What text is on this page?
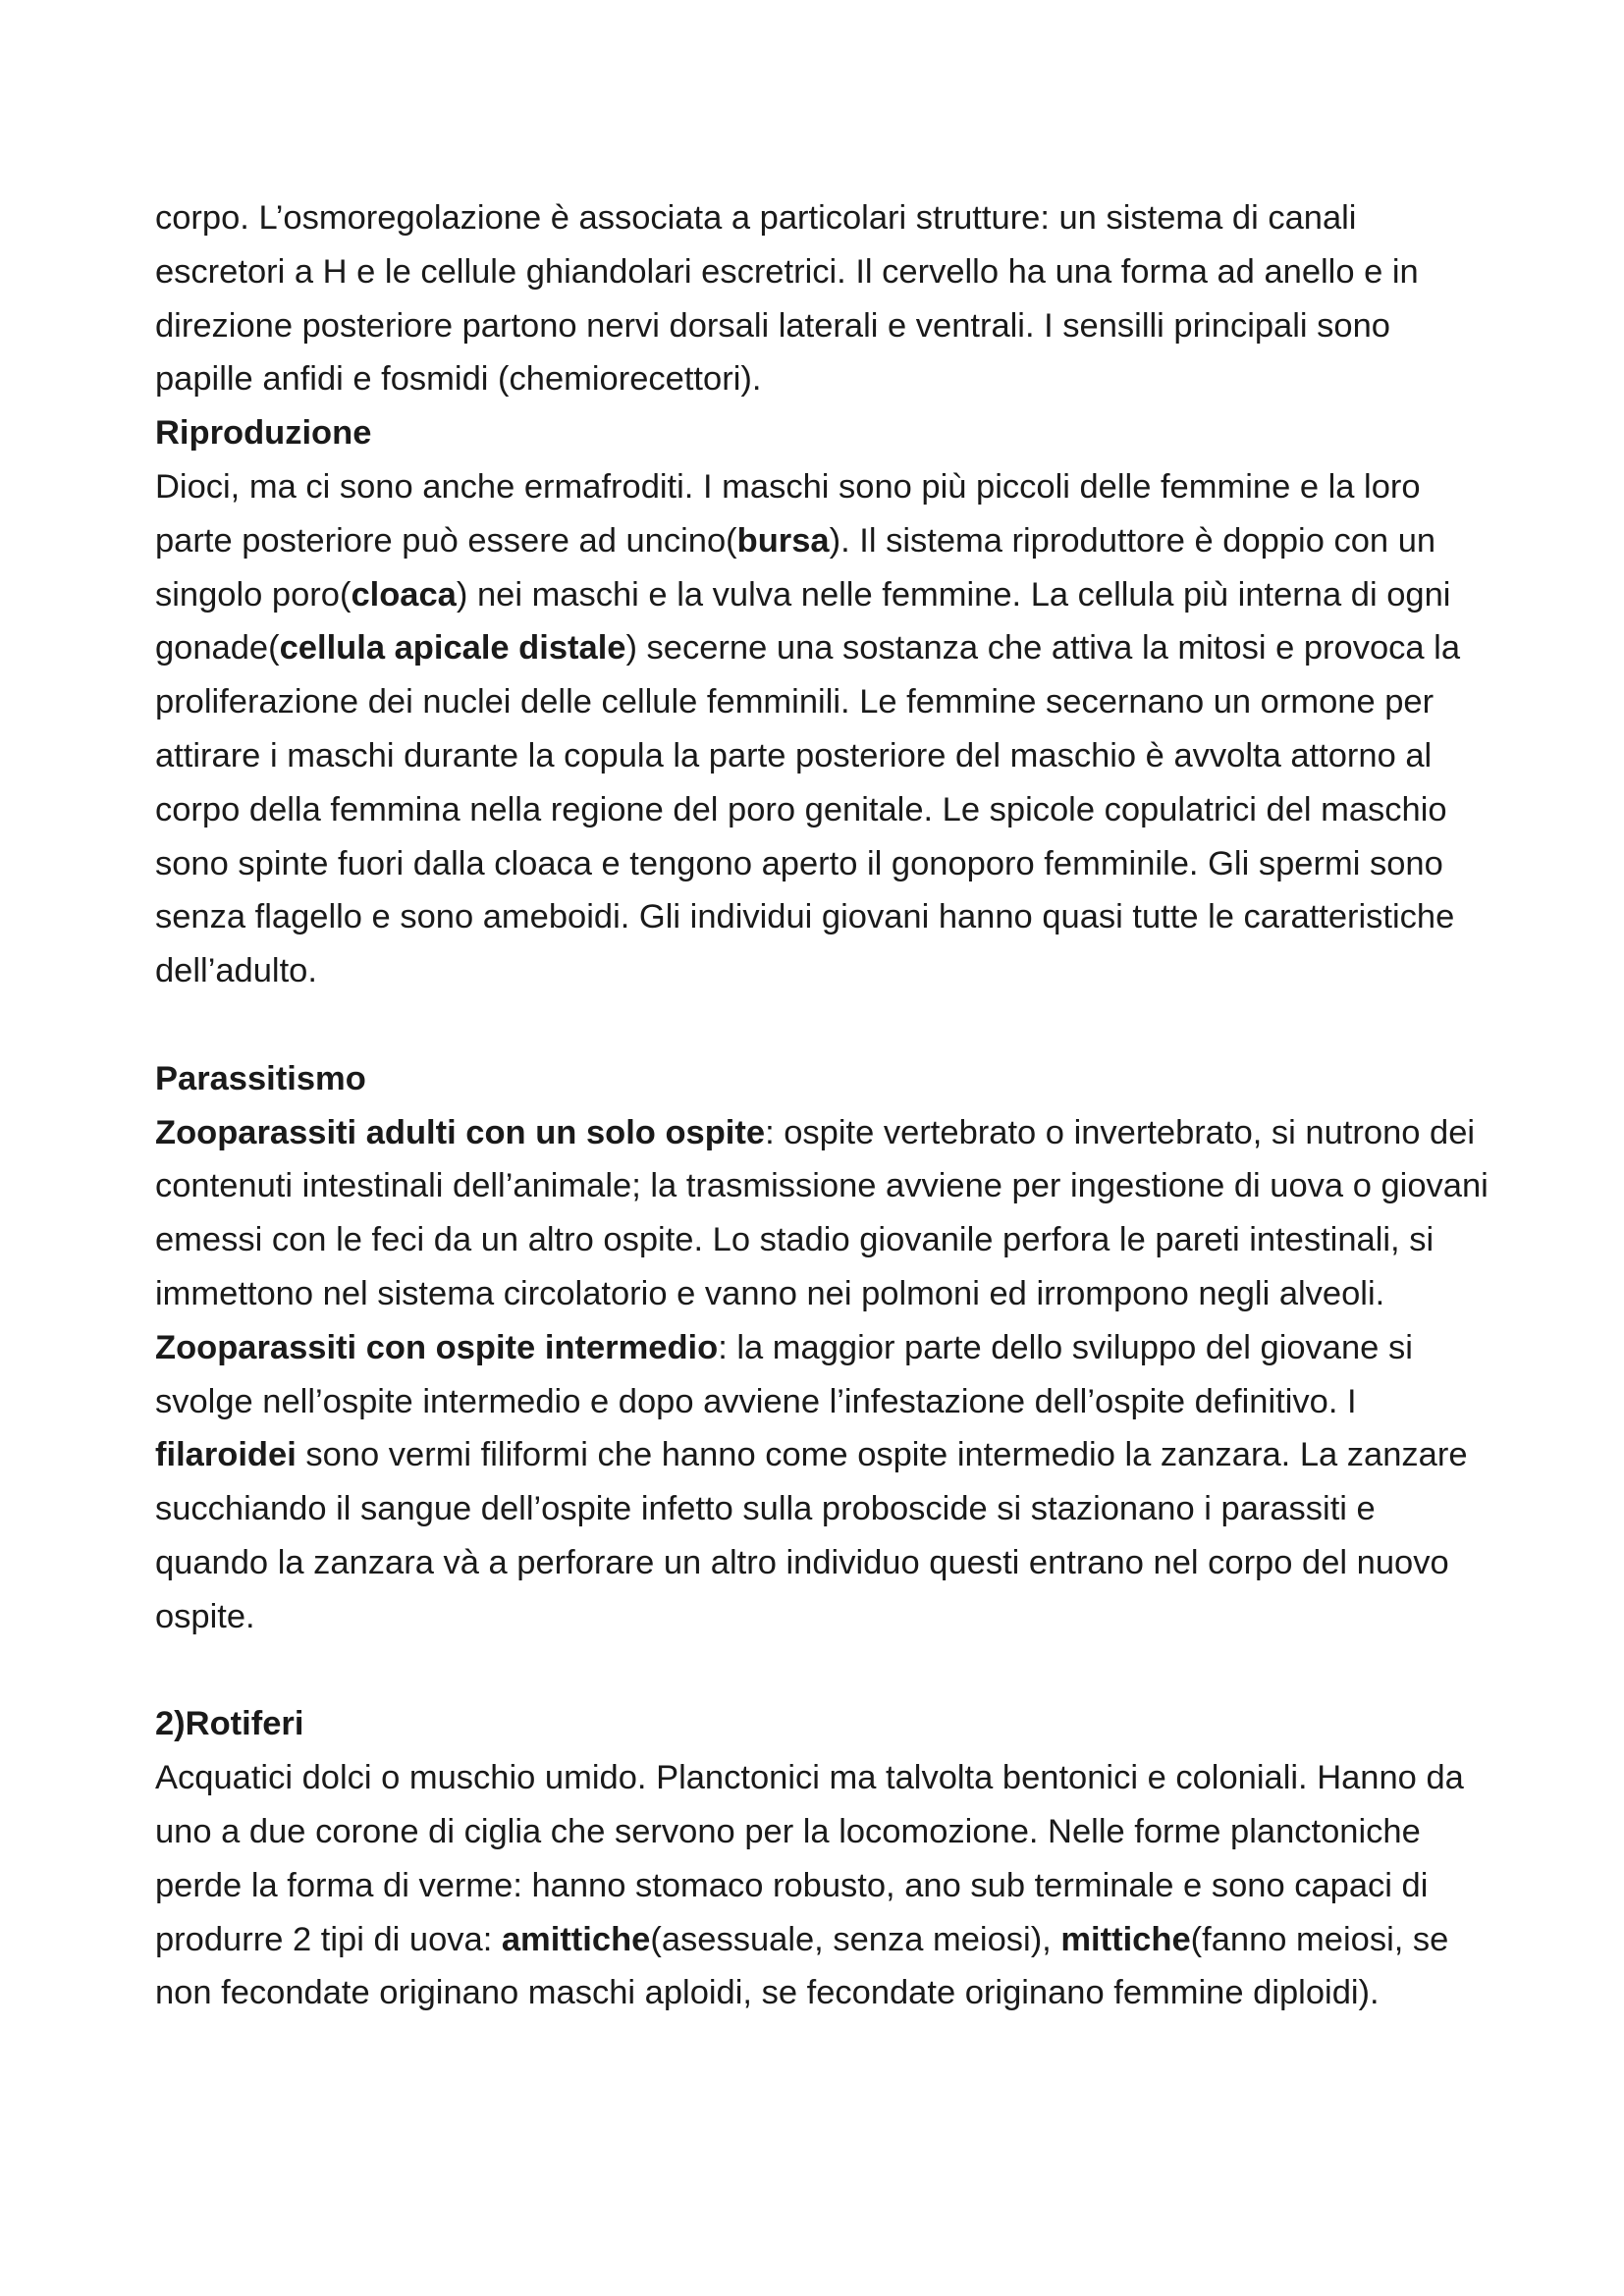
corpo. L’osmoregolazione è associata a particolari strutture: un sistema di canali escretori a H e le cellule ghiandolari escretrici. Il cervello ha una forma ad anello e in direzione posteriore partono nervi dorsali laterali e ventrali. I sensilli principali sono papille anfidi e fosmidi (chemiorecettori).

Riproduzione

Dioci, ma ci sono anche ermafroditi. I maschi sono più piccoli delle femmine e la loro parte posteriore può essere ad uncino(bursa). Il sistema riproduttore è doppio con un singolo poro(cloaca) nei maschi e la vulva nelle femmine. La cellula più interna di ogni gonade(cellula apicale distale) secerne una sostanza che attiva la mitosi e provoca la proliferazione dei nuclei delle cellule femminili. Le femmine secernano un ormone per attirare i maschi durante la copula la parte posteriore del maschio è avvolta attorno al corpo della femmina nella regione del poro genitale. Le spicole copulatrici del maschio sono spinte fuori dalla cloaca e tengono aperto il gonoporo femminile. Gli spermi sono senza flagello e sono ameboidi. Gli individui giovani hanno quasi tutte le caratteristiche dell’adulto.

Parassitismo

Zooparassiti adulti con un solo ospite: ospite vertebrato o invertebrato, si nutrono dei contenuti intestinali dell’animale; la trasmissione avviene per ingestione di uova o giovani emessi con le feci da un altro ospite. Lo stadio giovanile perfora le pareti intestinali, si immettono nel sistema circolatorio e vanno nei polmoni ed irrompono negli alveoli.

Zooparassiti con ospite intermedio: la maggior parte dello sviluppo del giovane si svolge nell’ospite intermedio e dopo avviene l’infestazione dell’ospite definitivo. I filaroidei sono vermi filiformi che hanno come ospite intermedio la zanzara. La zanzare succhiando il sangue dell’ospite infetto sulla proboscide si stazionano i parassiti e quando la zanzara và a perforare un altro individuo questi entrano nel corpo del nuovo ospite.

2)Rotiferi

Acquatici dolci o muschio umido. Planctonici ma talvolta bentonici e coloniali. Hanno da uno a due corone di ciglia che servono per la locomozione. Nelle forme planctoniche perde la forma di verme: hanno stomaco robusto, ano sub terminale e sono capaci di produrre 2 tipi di uova: amittiche(asessuale, senza meiosi), mittiche(fanno meiosi, se non fecondate originano maschi aploidi, se fecondate originano femmine diploidi).
